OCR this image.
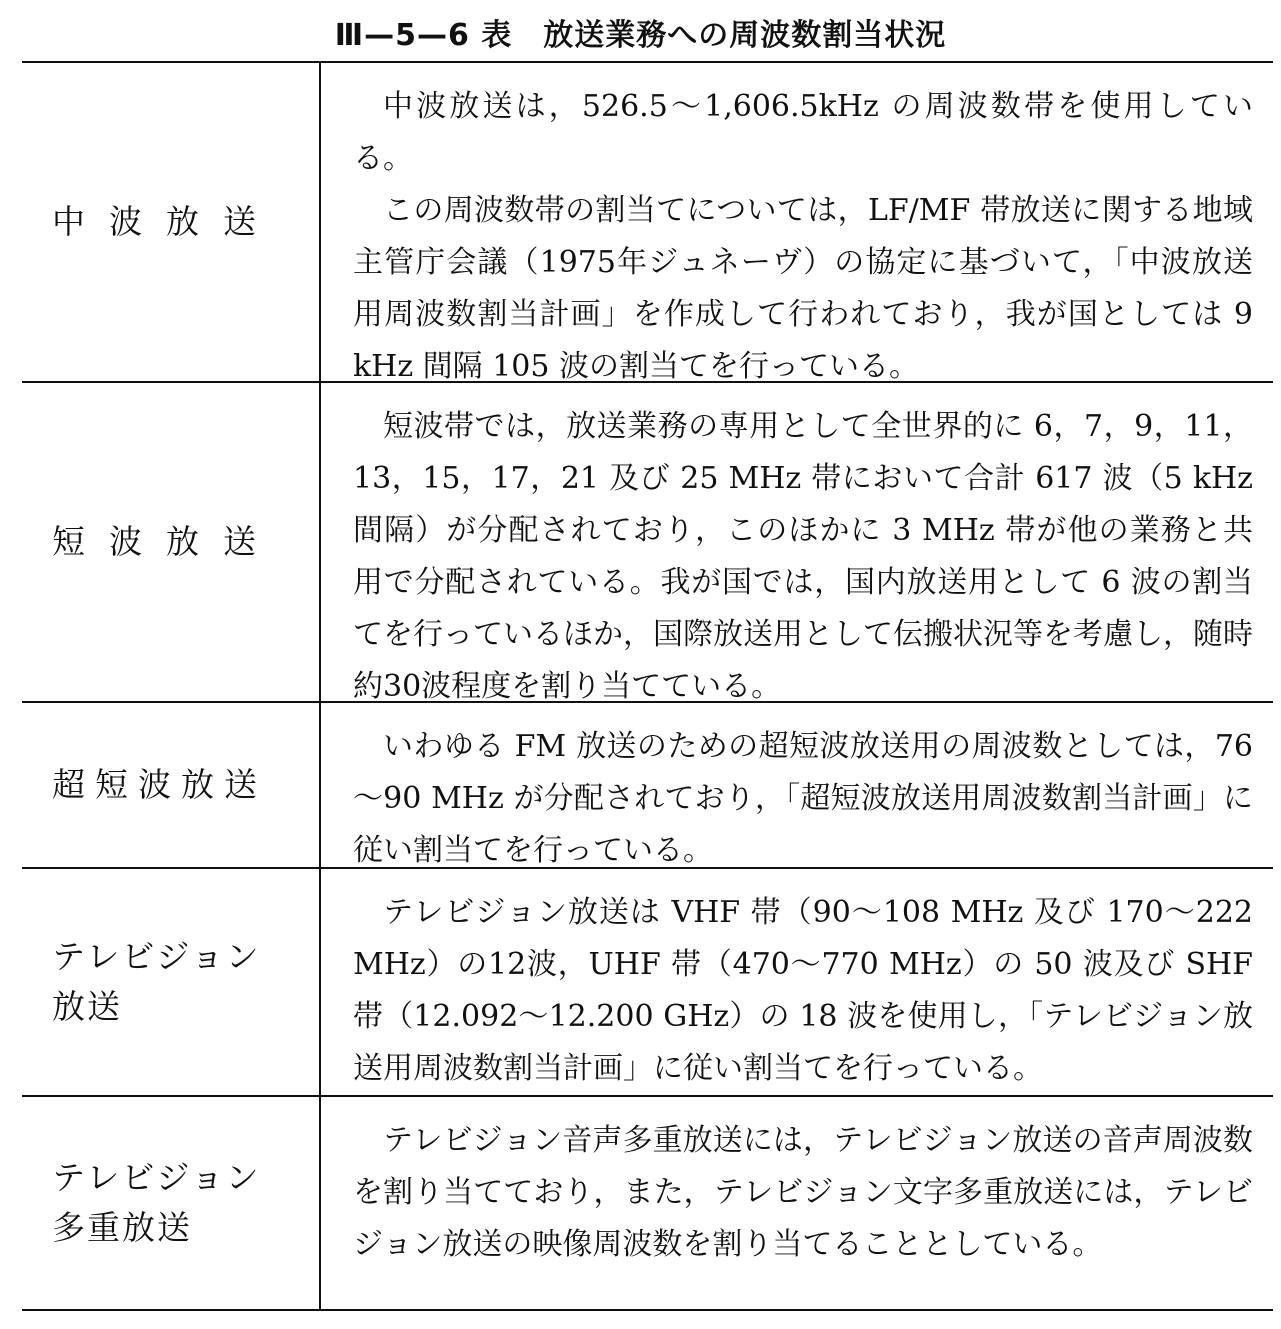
Ⅲ—5—6 表　放送業務への周波数割当状況
中波放送

中波放送は，526.5～1,606.5kHz の周波数帯を使用している。

この周波数帯の割当てについては，LF/MF 帯放送に関する地域主管庁会議（1975年ジュネーヴ）の協定に基づいて，「中波放送用周波数割当計画」を作成して行われており，我が国としては 9 kHz 間隔 105 波の割当てを行っている。

短波放送

短波帯では，放送業務の専用として全世界的に 6，7，9，11，13，15，17，21 及び 25 MHz 帯において合計 617 波（5 kHz 間隔）が分配されており，このほかに 3 MHz 帯が他の業務と共用で分配されている。我が国では，国内放送用として 6 波の割当てを行っているほか，国際放送用として伝搬状況等を考慮し，随時約30波程度を割り当てている。

超短波放送

いわゆる FM 放送のための超短波放送用の周波数としては，76～90 MHz が分配されており，「超短波放送用周波数割当計画」に従い割当てを行っている。

テレビジョン放送

テレビジョン放送は VHF 帯（90～108 MHz 及び 170～222 MHz）の12波，UHF 帯（470～770 MHz）の 50 波及び SHF 帯（12.092～12.200 GHz）の 18 波を使用し，「テレビジョン放送用周波数割当計画」に従い割当てを行っている。

テレビジョン多重放送

テレビジョン音声多重放送には，テレビジョン放送の音声周波数を割り当てており，また，テレビジョン文字多重放送には，テレビジョン放送の映像周波数を割り当てることとしている。
